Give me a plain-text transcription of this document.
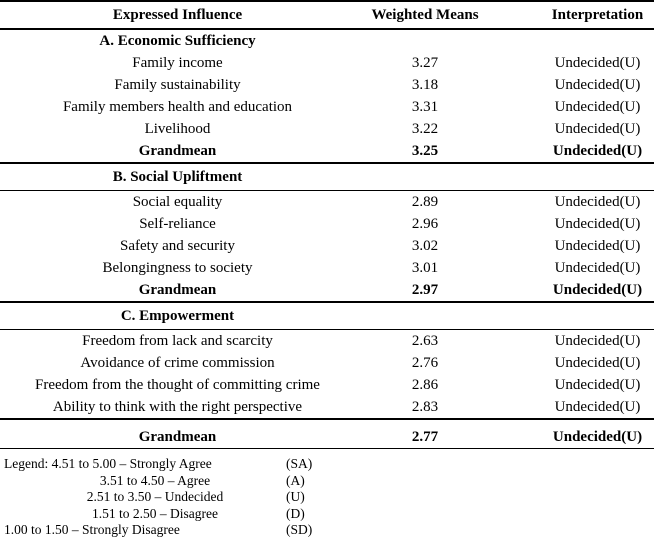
Expressed Influence	Weighted Means	Interpretation
A. Economic Sufficiency
Family income	3.27	Undecided(U)
Family sustainability	3.18	Undecided(U)
Family members health and education	3.31	Undecided(U)
Livelihood	3.22	Undecided(U)
Grandmean	3.25	Undecided(U)
B. Social Upliftment
Social equality	2.89	Undecided(U)
Self-reliance	2.96	Undecided(U)
Safety and security	3.02	Undecided(U)
Belongingness to society	3.01	Undecided(U)
Grandmean	2.97	Undecided(U)
C. Empowerment
Freedom from lack and scarcity	2.63	Undecided(U)
Avoidance of crime commission	2.76	Undecided(U)
Freedom from the thought of committing crime	2.86	Undecided(U)
Ability to think with the right perspective	2.83	Undecided(U)
Grandmean	2.77	Undecided(U)
Legend: 4.51 to 5.00 – Strongly Agree	(SA)
3.51 to 4.50 – Agree	(A)
2.51 to 3.50 – Undecided	(U)
1.51 to 2.50 – Disagree	(D)
1.00 to 1.50 – Strongly Disagree	(SD)
